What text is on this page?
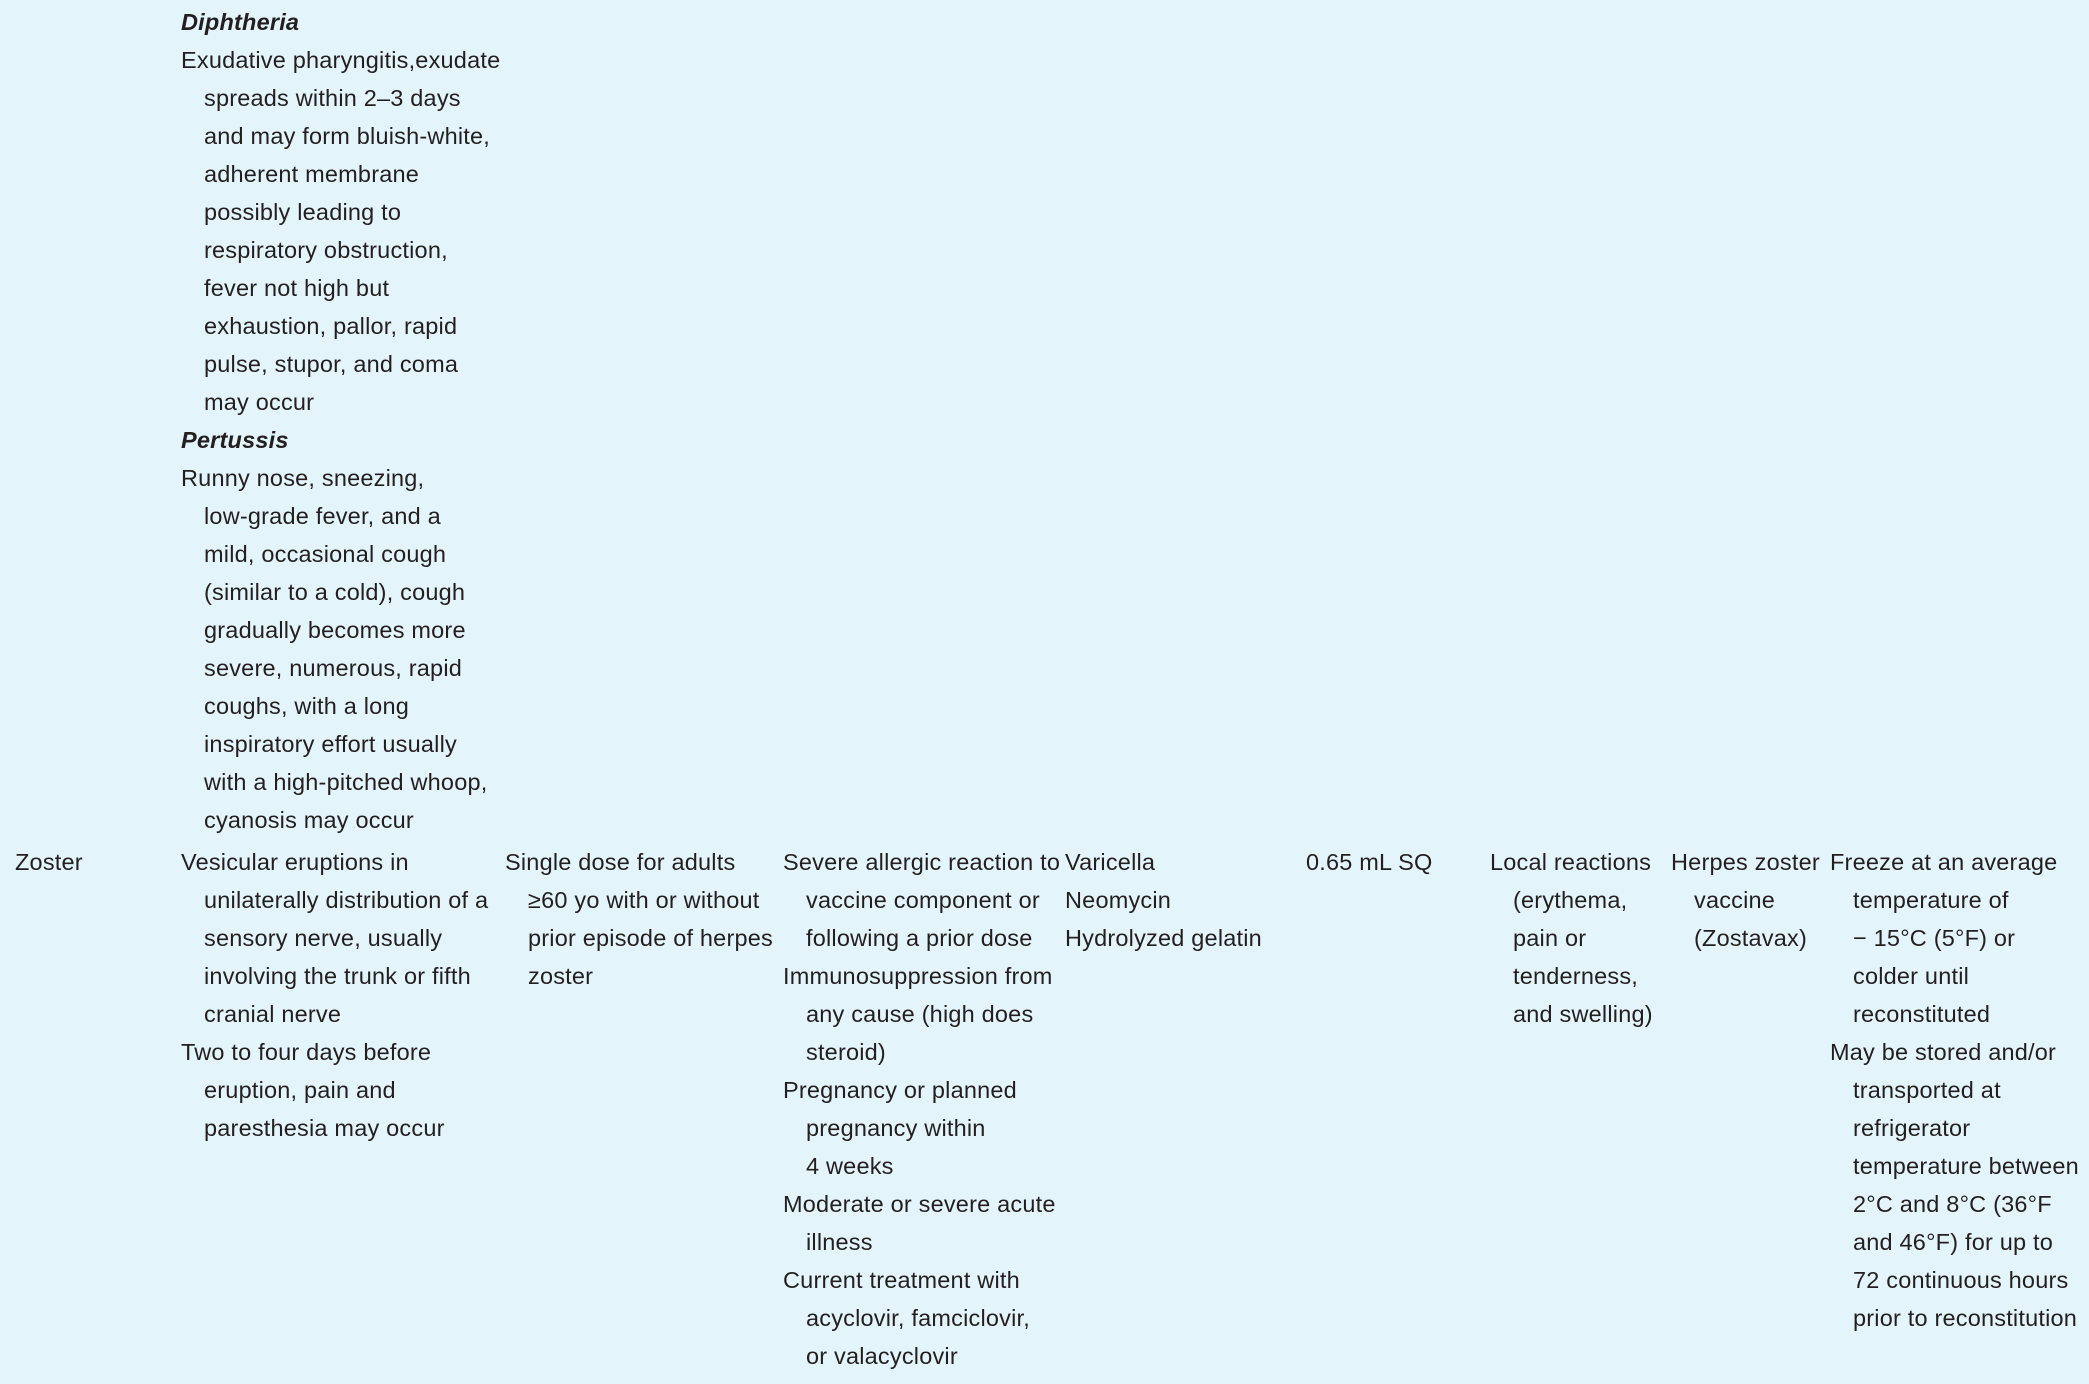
Diphtheria
Exudative pharyngitis,exudate
spreads within 2–3 days
and may form bluish-white,
adherent membrane
possibly leading to
respiratory obstruction,
fever not high but
exhaustion, pallor, rapid
pulse, stupor, and coma
may occur
Pertussis
Runny nose, sneezing,
low-grade fever, and a
mild, occasional cough
(similar to a cold), cough
gradually becomes more
severe, numerous, rapid
coughs, with a long
inspiratory effort usually
with a high-pitched whoop,
cyanosis may occur
Zoster	Vesicular eruptions in
unilaterally distribution of a
sensory nerve, usually
involving the trunk or fifth
cranial nerve
Two to four days before
eruption, pain and
paresthesia may occur
Single dose for adults
≥60 yo with or without
prior episode of herpes
zoster
Severe allergic reaction to
vaccine component or
following a prior dose
Immunosuppression from
any cause (high does
steroid)
Pregnancy or planned
pregnancy within
4 weeks
Moderate or severe acute
illness
Current treatment with
acyclovir, famciclovir,
or valacyclovir
Varicella
Neomycin
Hydrolyzed gelatin
0.65 mL SQ Local reactions
(erythema,
pain or
tenderness,
and swelling)
Herpes zoster
vaccine
(Zostavax)
Freeze at an average
temperature of
− 15°C (5°F) or
colder until
reconstituted
May be stored and/or
transported at
refrigerator
temperature between
2°C and 8°C (36°F
and 46°F) for up to
72 continuous hours
prior to reconstitution
